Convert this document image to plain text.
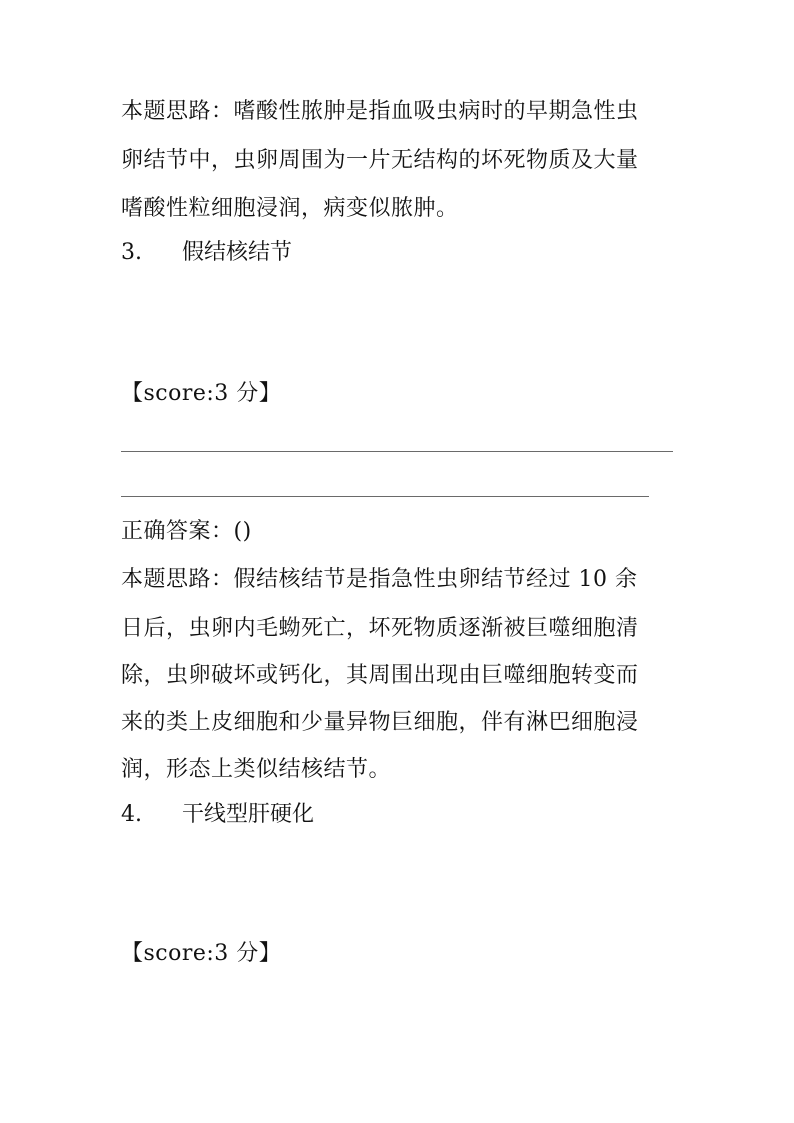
本题思路：嗜酸性脓肿是指血吸虫病时的早期急性虫
卵结节中，虫卵周围为一片无结构的坏死物质及大量
嗜酸性粒细胞浸润，病变似脓肿。
3. 假结核结节
【score:3 分】
正确答案：()
本题思路：假结核结节是指急性虫卵结节经过 10 余
日后，虫卵内毛蚴死亡，坏死物质逐渐被巨噬细胞清
除，虫卵破坏或钙化，其周围出现由巨噬细胞转变而
来的类上皮细胞和少量异物巨细胞，伴有淋巴细胞浸
润，形态上类似结核结节。
4. 干线型肝硬化
【score:3 分】
